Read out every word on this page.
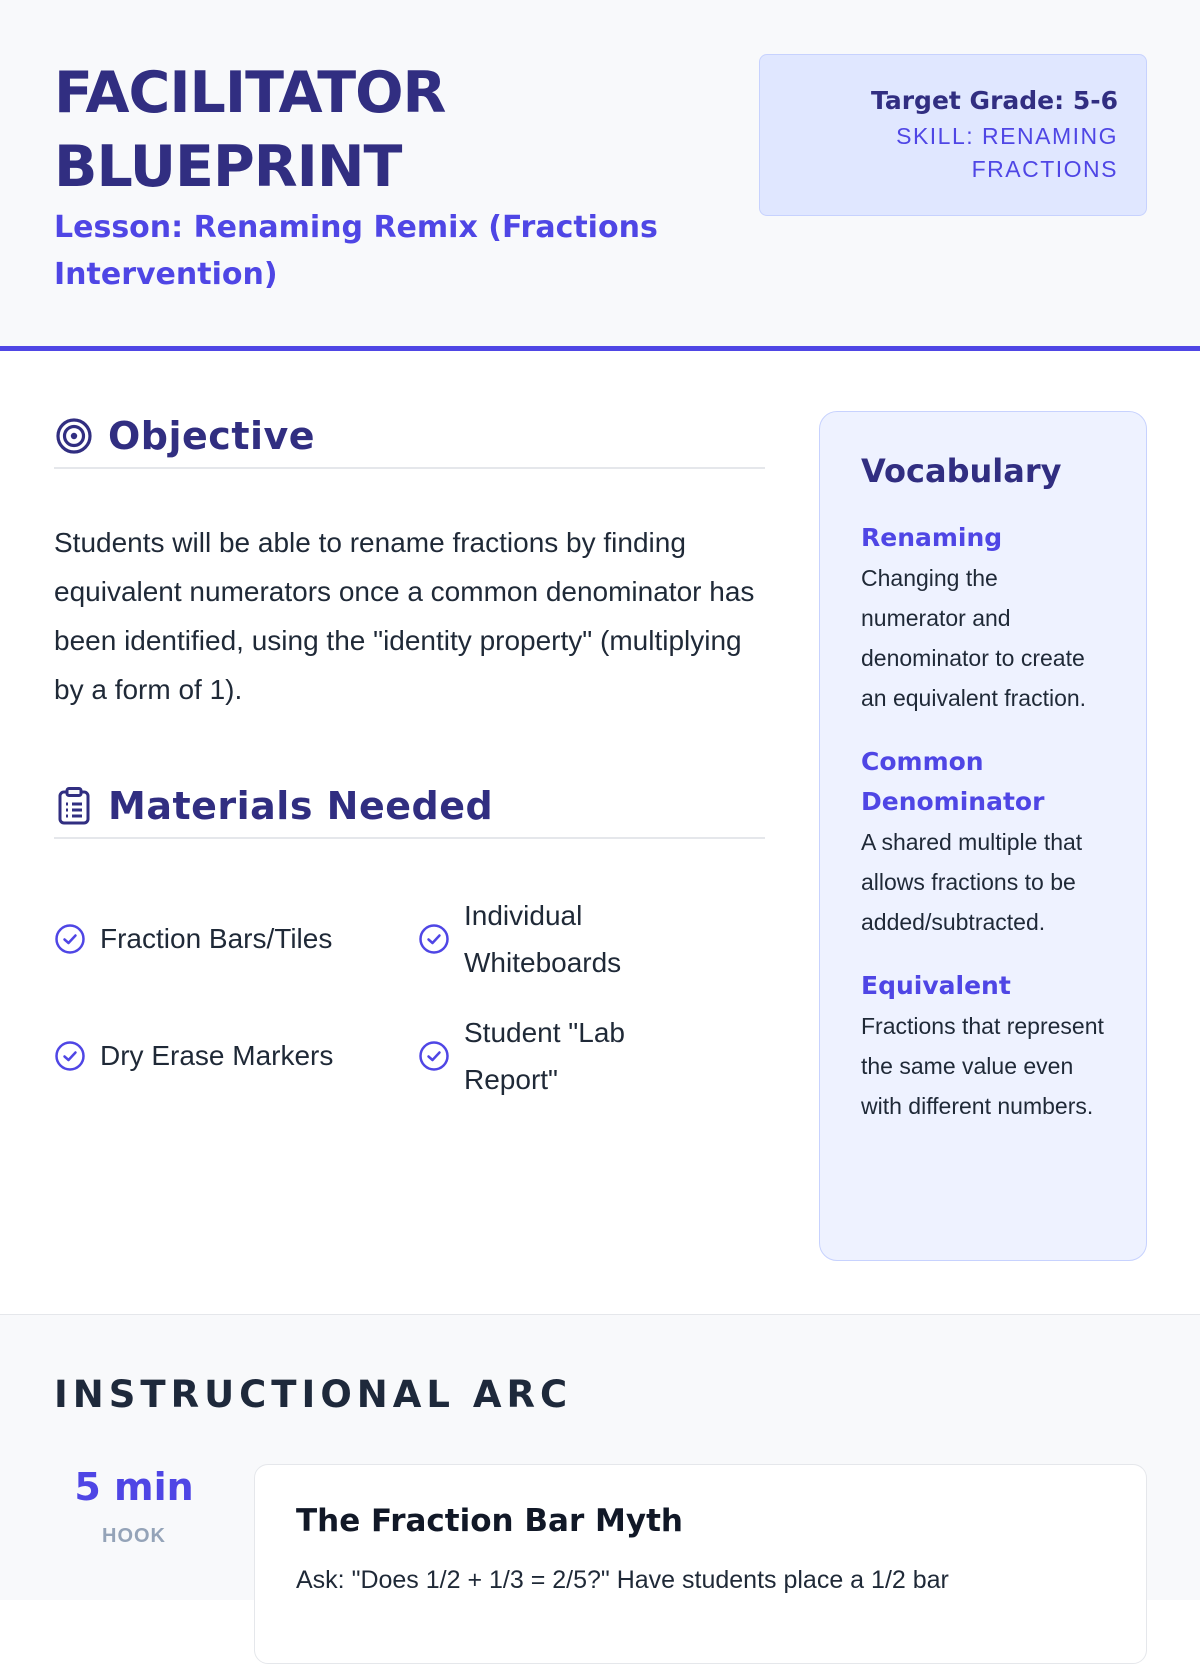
FACILITATOR BLUEPRINT

Lesson: Renaming Remix (Fractions Intervention)

Target Grade: 5-6
SKILL: RENAMING FRACTIONS
Objective

Students will be able to rename fractions by finding equivalent numerators once a common denominator has been identified, using the "identity property" (multiplying by a form of 1).

Materials Needed
Fraction Bars/Tiles
Individual Whiteboards
Dry Erase Markers
Student "Lab Report"
Vocabulary
Renaming
Changing the numerator and denominator to create an equivalent fraction.
Common Denominator
A shared multiple that allows fractions to be added/subtracted.
Equivalent
Fractions that represent the same value even with different numbers.
INSTRUCTIONAL ARC
5 min
HOOK	The Fraction Bar Myth
Ask: "Does 1/2 + 1/3 = 2/5?" Have students place a 1/2 bar
